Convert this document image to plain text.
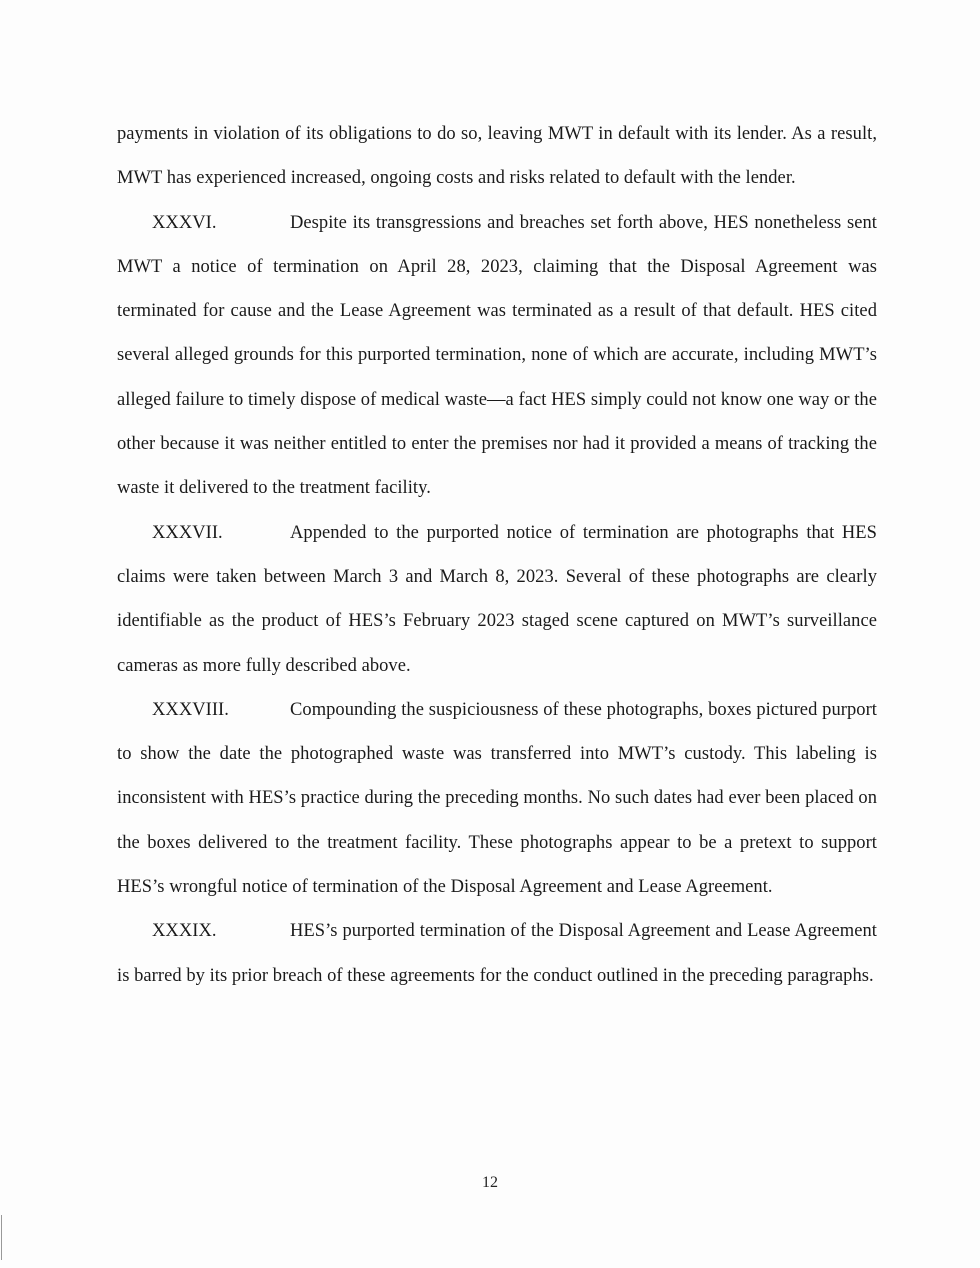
payments in violation of its obligations to do so, leaving MWT in default with its lender. As a result, MWT has experienced increased, ongoing costs and risks related to default with the lender.

XXXVI.	Despite its transgressions and breaches set forth above, HES nonetheless sent MWT a notice of termination on April 28, 2023, claiming that the Disposal Agreement was terminated for cause and the Lease Agreement was terminated as a result of that default. HES cited several alleged grounds for this purported termination, none of which are accurate, including MWT’s alleged failure to timely dispose of medical waste—a fact HES simply could not know one way or the other because it was neither entitled to enter the premises nor had it provided a means of tracking the waste it delivered to the treatment facility.

XXXVII.	Appended to the purported notice of termination are photographs that HES claims were taken between March 3 and March 8, 2023. Several of these photographs are clearly identifiable as the product of HES’s February 2023 staged scene captured on MWT’s surveillance cameras as more fully described above.

XXXVIII.	Compounding the suspiciousness of these photographs, boxes pictured purport to show the date the photographed waste was transferred into MWT’s custody. This labeling is inconsistent with HES’s practice during the preceding months. No such dates had ever been placed on the boxes delivered to the treatment facility. These photographs appear to be a pretext to support HES’s wrongful notice of termination of the Disposal Agreement and Lease Agreement.

XXXIX.	HES’s purported termination of the Disposal Agreement and Lease Agreement is barred by its prior breach of these agreements for the conduct outlined in the preceding paragraphs.

12
